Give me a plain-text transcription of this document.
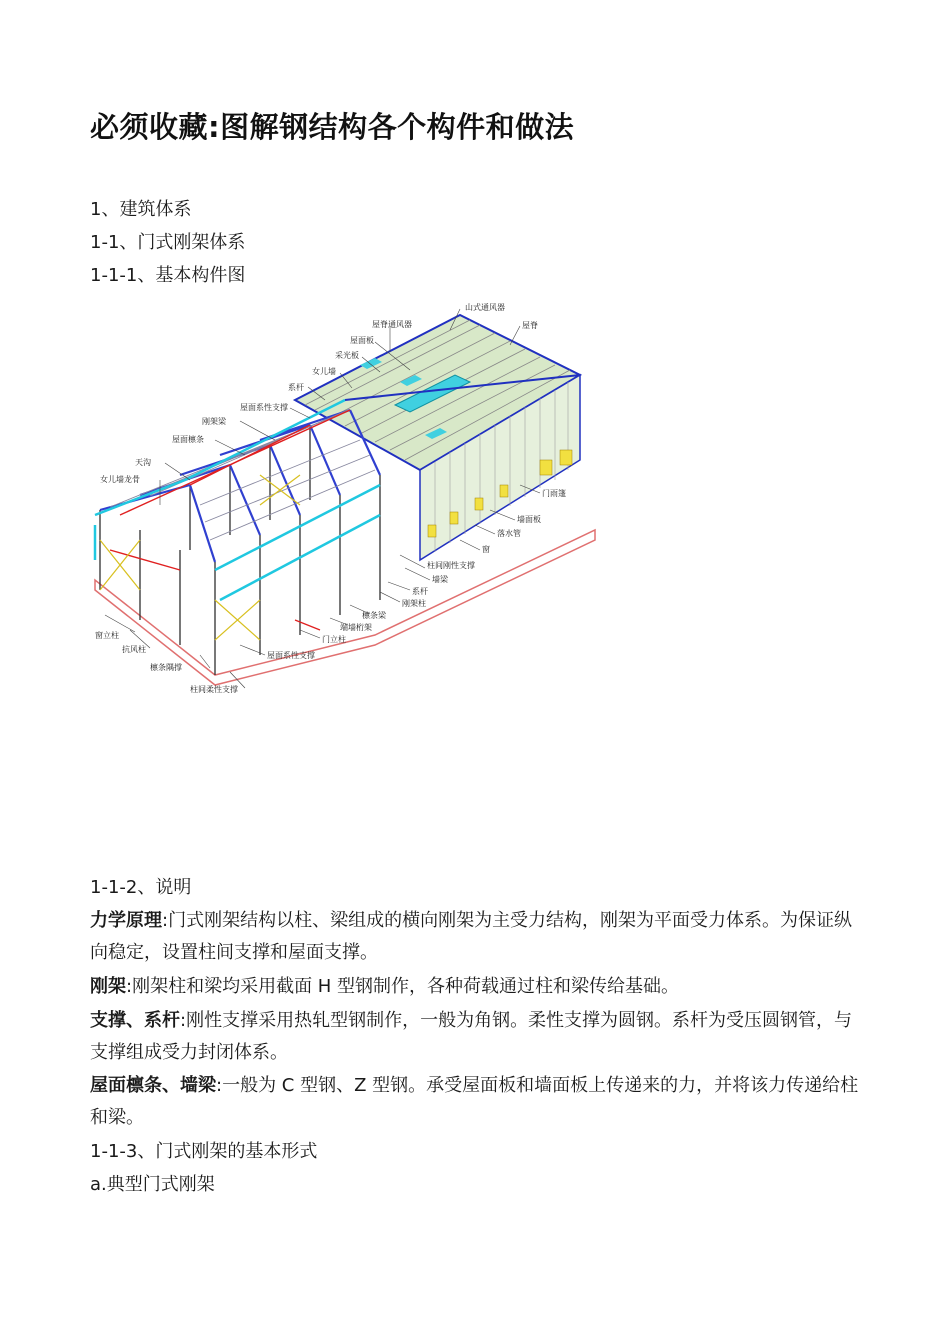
必须收藏:图解钢结构各个构件和做法

1、建筑体系

1-1、门式刚架体系

1-1-1、基本构件图

山式通风器
屋脊
屋脊通风器
屋面板
采光板
女儿墙
系杆
屋面系性支撑
刚架梁
屋面檩条
天沟
女儿墙龙骨
门雨篷
墙面板
落水管
窗
柱间刚性支撑
墙梁
系杆
刚架柱
檩条梁
端墙桁架
门立柱
屋面系性支撑
窗立柱
抗风柱
檩条隅撑
柱间柔性支撑

1-1-2、说明

力学原理:门式刚架结构以柱、梁组成的横向刚架为主受力结构，刚架为平面受力体系。为保证纵向稳定，设置柱间支撑和屋面支撑。

刚架:刚架柱和梁均采用截面 H 型钢制作，各种荷载通过柱和梁传给基础。

支撑、系杆:刚性支撑采用热轧型钢制作，一般为角钢。柔性支撑为圆钢。系杆为受压圆钢管，与支撑组成受力封闭体系。

屋面檩条、墙梁:一般为 C 型钢、Z 型钢。承受屋面板和墙面板上传递来的力，并将该力传递给柱和梁。

1-1-3、门式刚架的基本形式

a.典型门式刚架
